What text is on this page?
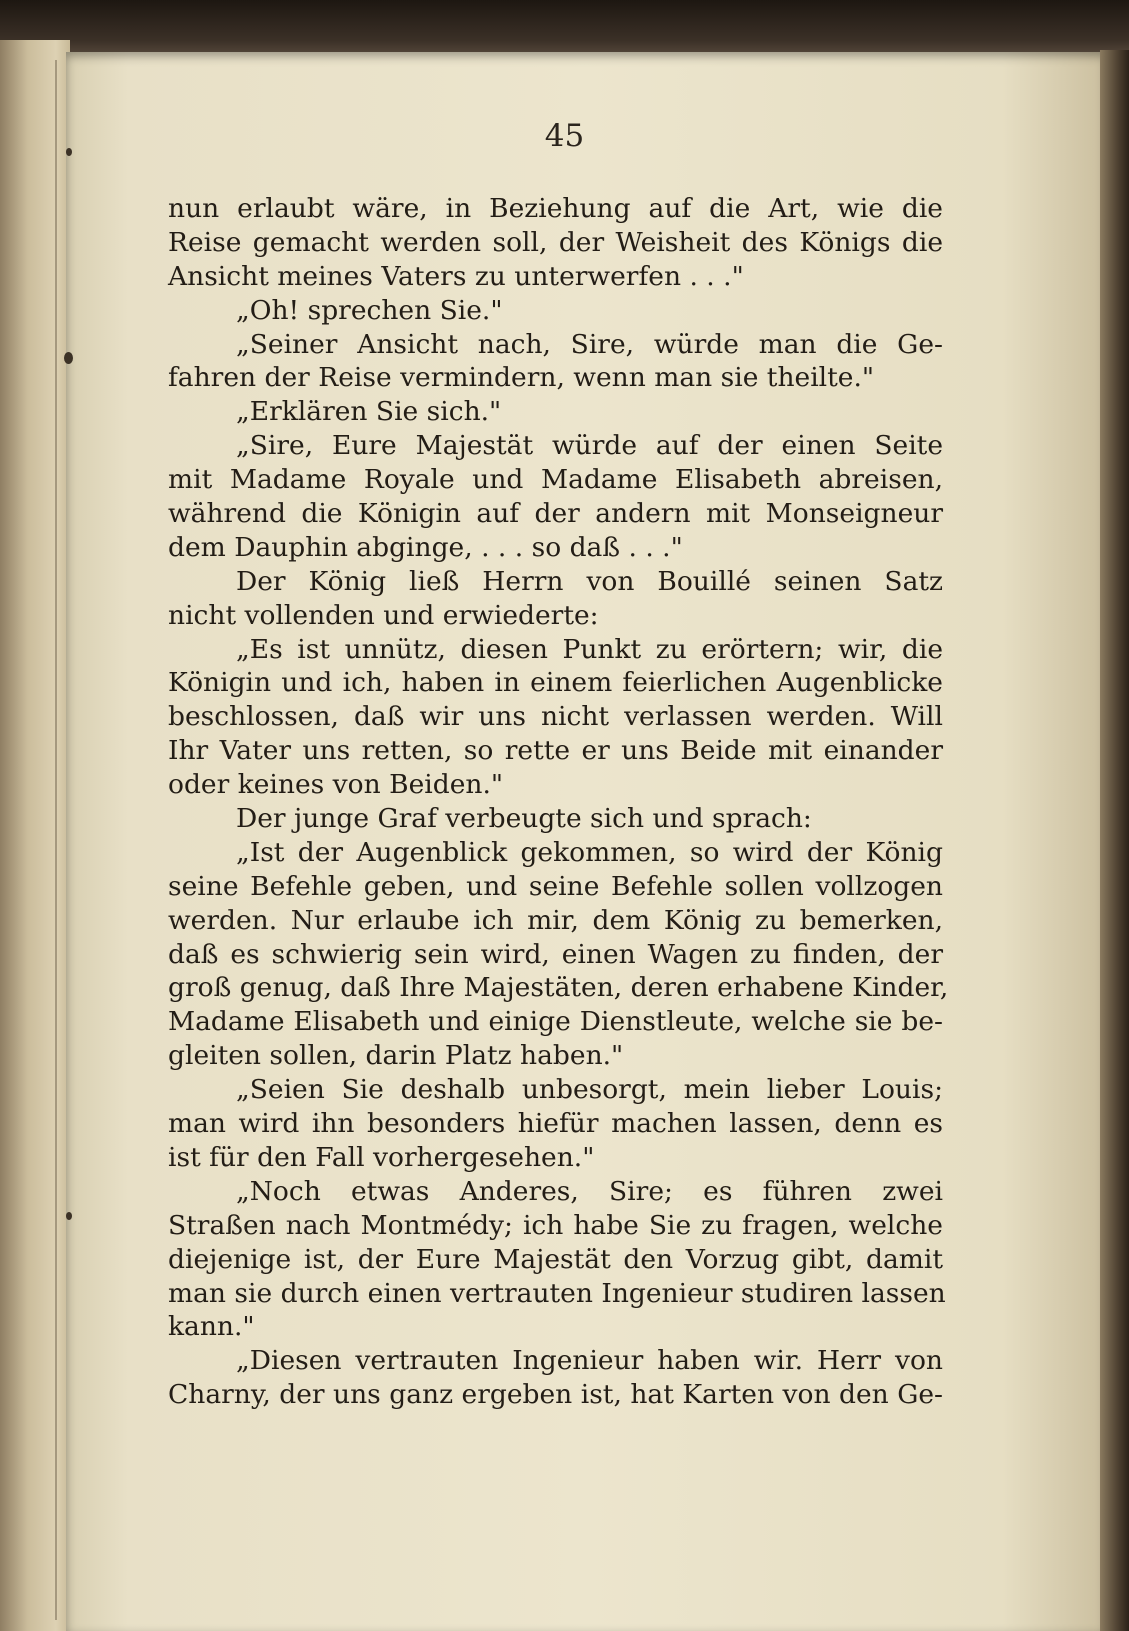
45
nun erlaubt wäre, in Beziehung auf die Art, wie die
Reise gemacht werden soll, der Weisheit des Königs die
Ansicht meines Vaters zu unterwerfen . . ."
„Oh! sprechen Sie."
„Seiner Ansicht nach, Sire, würde man die Ge-
fahren der Reise vermindern, wenn man sie theilte."
„Erklären Sie sich."
„Sire, Eure Majestät würde auf der einen Seite
mit Madame Royale und Madame Elisabeth abreisen,
während die Königin auf der andern mit Monseigneur
dem Dauphin abginge, . . . so daß . . ."
Der König ließ Herrn von Bouillé seinen Satz
nicht vollenden und erwiederte:
„Es ist unnütz, diesen Punkt zu erörtern; wir, die
Königin und ich, haben in einem feierlichen Augenblicke
beschlossen, daß wir uns nicht verlassen werden. Will
Ihr Vater uns retten, so rette er uns Beide mit einander
oder keines von Beiden."
Der junge Graf verbeugte sich und sprach:
„Ist der Augenblick gekommen, so wird der König
seine Befehle geben, und seine Befehle sollen vollzogen
werden. Nur erlaube ich mir, dem König zu bemerken,
daß es schwierig sein wird, einen Wagen zu finden, der
groß genug, daß Ihre Majestäten, deren erhabene Kinder,
Madame Elisabeth und einige Dienstleute, welche sie be-
gleiten sollen, darin Platz haben."
„Seien Sie deshalb unbesorgt, mein lieber Louis;
man wird ihn besonders hiefür machen lassen, denn es
ist für den Fall vorhergesehen."
„Noch etwas Anderes, Sire; es führen zwei
Straßen nach Montmédy; ich habe Sie zu fragen, welche
diejenige ist, der Eure Majestät den Vorzug gibt, damit
man sie durch einen vertrauten Ingenieur studiren lassen
kann."
„Diesen vertrauten Ingenieur haben wir. Herr von
Charny, der uns ganz ergeben ist, hat Karten von den Ge-
